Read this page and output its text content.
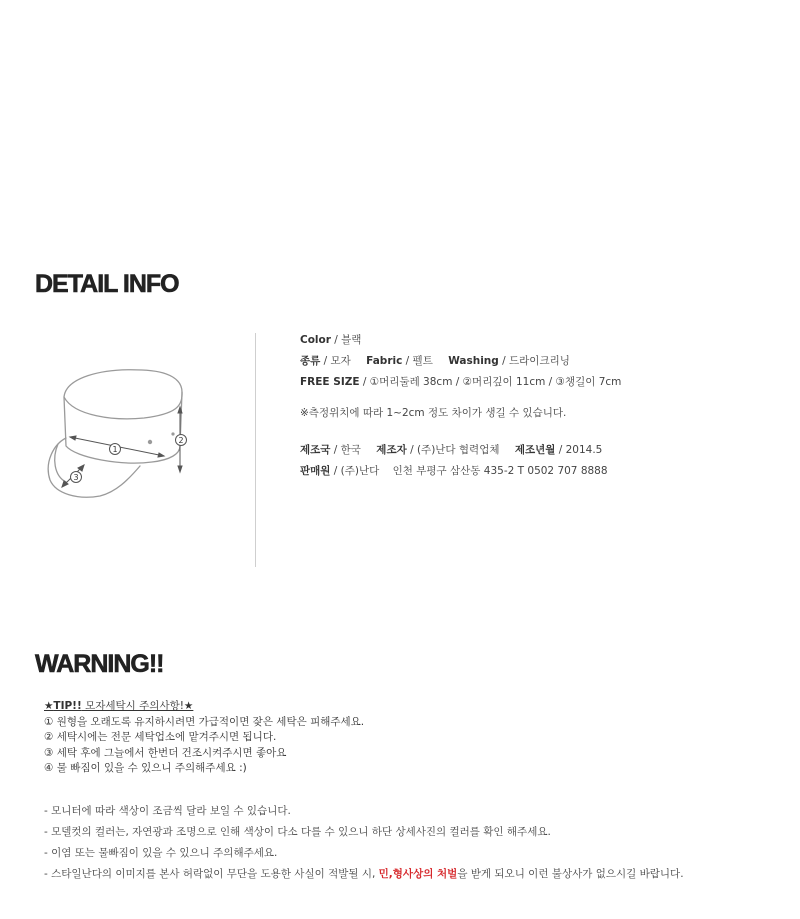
DETAIL INFO
1
2
3
Color / 블랙
종류 / 모자 Fabric / 펠트 Washing / 드라이크리닝
FREE SIZE / ①머리둘레 38cm / ②머리깊이 11cm / ③챙길이 7cm
※측정위치에 따라 1~2cm 정도 차이가 생길 수 있습니다.
제조국 / 한국 제조자 / (주)난다 협력업체 제조년월 / 2014.5
판매원 / (주)난다    인천 부평구 삼산동 435-2 T 0502 707 8888
WARNING!!
★TIP!! 모자세탁시 주의사항!★
① 원형을 오래도록 유지하시려면 가급적이면 잦은 세탁은 피해주세요.
② 세탁시에는 전문 세탁업소에 맡겨주시면 됩니다.
③ 세탁 후에 그늘에서 한번더 건조시켜주시면 좋아요
④ 물 빠짐이 있을 수 있으니 주의해주세요 :)
- 모니터에 따라 색상이 조금씩 달라 보일 수 있습니다.
- 모델컷의 컬러는, 자연광과 조명으로 인해 색상이 다소 다를 수 있으니 하단 상세사진의 컬러를 확인 해주세요.
- 이염 또는 물빠짐이 있을 수 있으니 주의해주세요.
- 스타일난다의 이미지를 본사 허락없이 무단을 도용한 사실이 적발될 시, 민,형사상의 처벌을 받게 되오니 이런 불상사가 없으시길 바랍니다.
